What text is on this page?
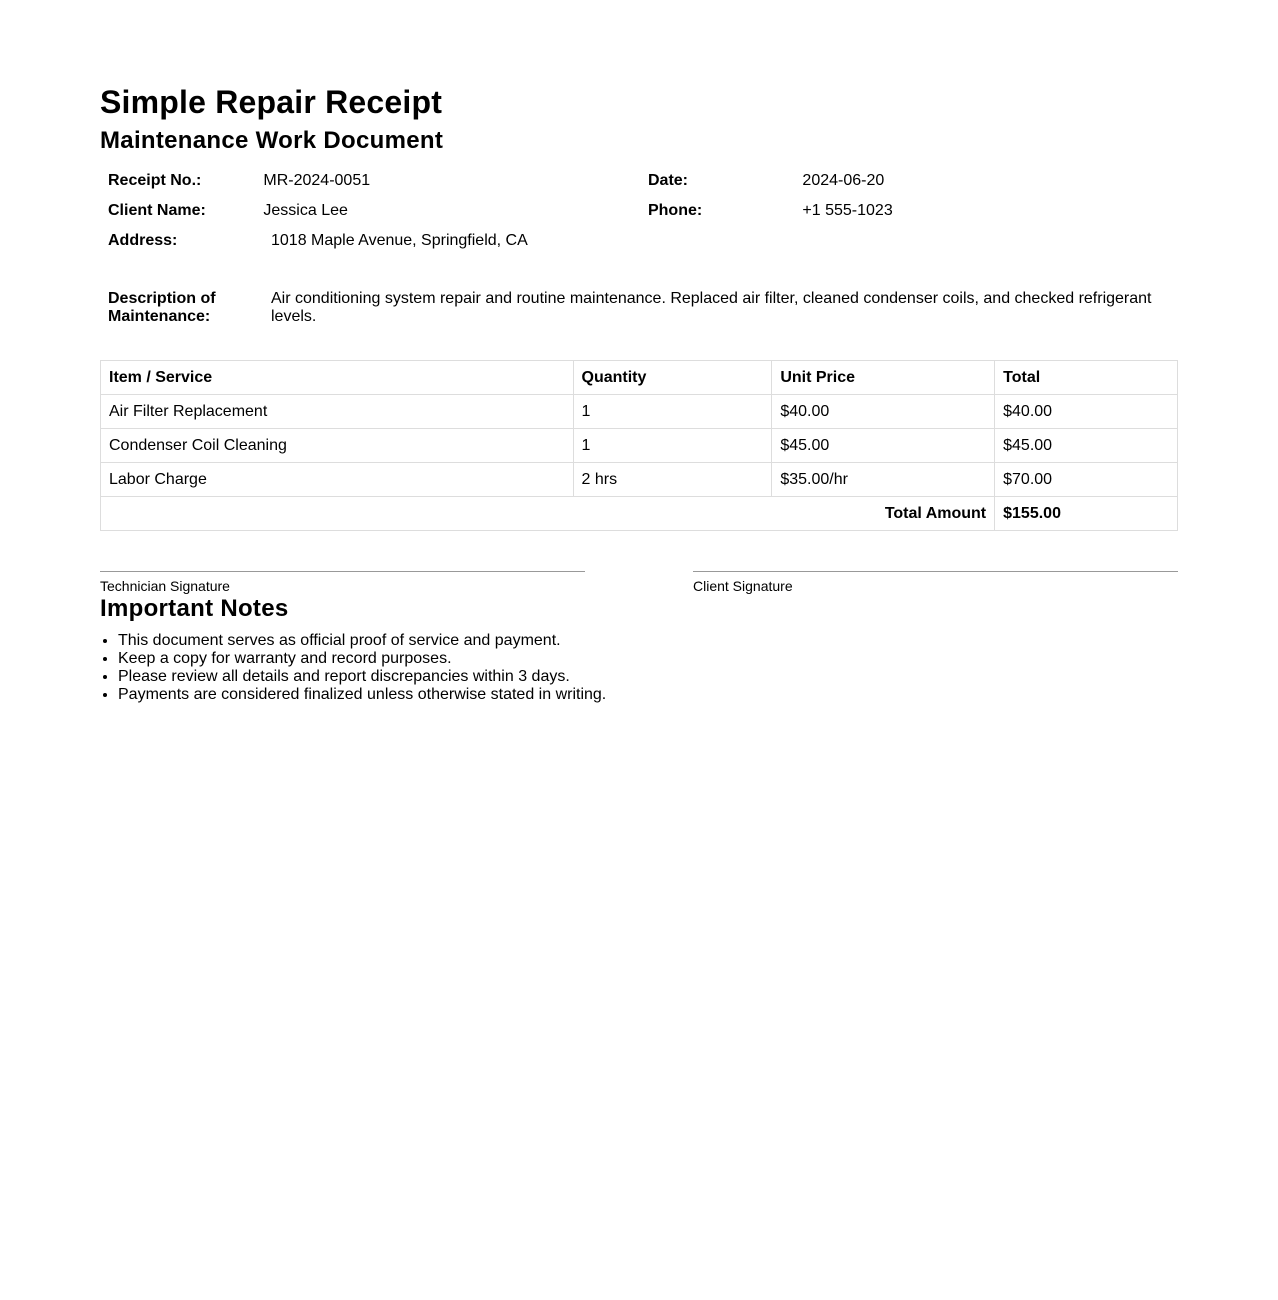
Simple Repair Receipt
Maintenance Work Document
Receipt No.:	MR-2024-0051	Date:	2024-06-20
Client Name:	Jessica Lee	Phone:	+1 555-1023
Address:	1018 Maple Avenue, Springfield, CA
Description of Maintenance:
Air conditioning system repair and routine maintenance. Replaced air filter, cleaned condenser coils, and checked refrigerant levels.
Item / Service	Quantity	Unit Price	Total
Air Filter Replacement	1	$40.00	$40.00
Condenser Coil Cleaning	1	$45.00	$45.00
Labor Charge	2 hrs	$35.00/hr	$70.00
Total Amount			$155.00
Technician Signature	Client Signature
Important Notes
• This document serves as official proof of service and payment.
• Keep a copy for warranty and record purposes.
• Please review all details and report discrepancies within 3 days.
• Payments are considered finalized unless otherwise stated in writing.
